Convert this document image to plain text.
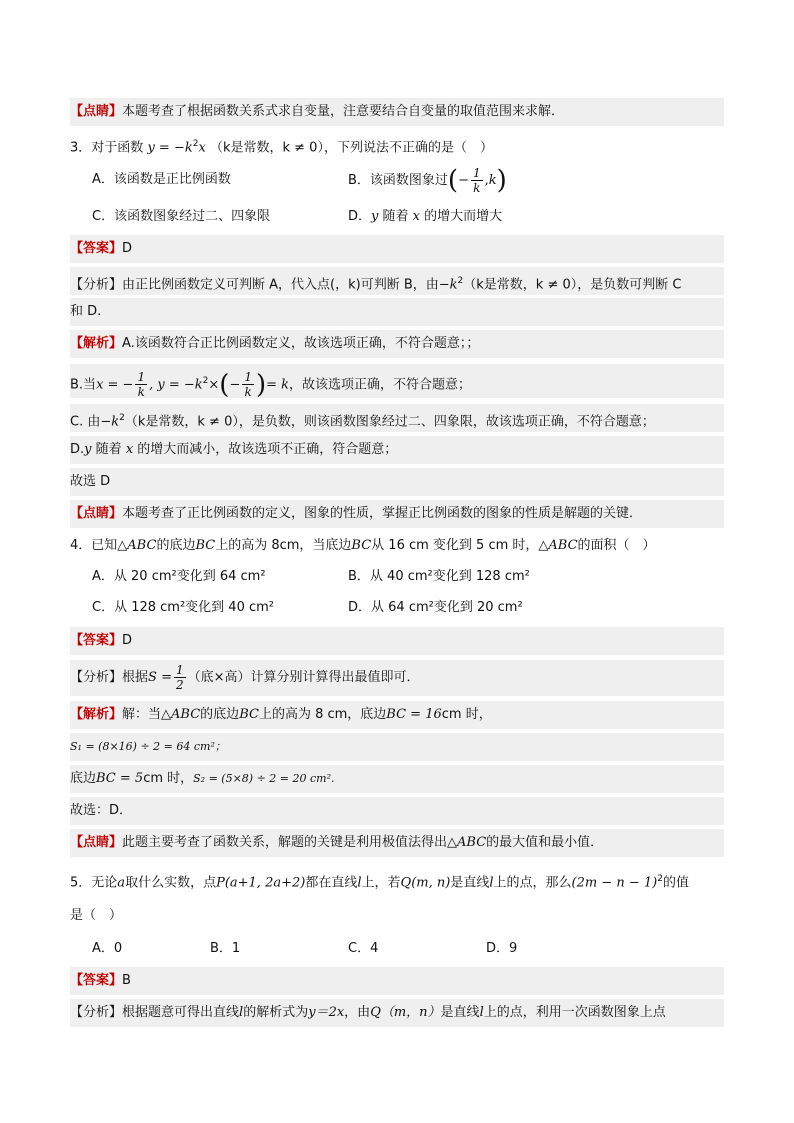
【点睛】本题考查了根据函数关系式求自变量，注意要结合自变量的取值范围来求解．
3．对于函数 $y = -k^2x$ （k是常数，k ≠ 0），下列说法不正确的是（　）
A．该函数是正比例函数	B．该函数图象过(− $\frac{1}{k} ,k$)
C．该函数图象经过二、四象限	D．y 随着 x 的增大而增大
【答案】D
【分析】由正比例函数定义可判断 A，代入点(，k)可判断 B，由$-k^2(k$是常数，k ≠ 0），是负数可判断 C
和 D.
【解析】A.该函数符合正比例函数定义，故该选项正确，不符合题意；；
B.当x = − $\frac{1}{k}$ , $y = -k^2\times(- \frac{1}{k}$ )= k，故该选项正确，不符合题意；
C. 由$-k^2(k$是常数，k ≠ 0），是负数，则该函数图象经过二、四象限，故该选项正确，不符合题意；
D.y 随着 x 的增大而减小，故该选项不正确，符合题意；
故选 D
【点睛】本题考查了正比例函数的定义，图象的性质，掌握正比例函数的图象的性质是解题的关键．
4．已知△ABC的底边BC上的高为 8cm，当底边BC从 16 cm 变化到 5 cm 时，△ABC的面积（　）
A．从 20 cm²变化到 64 cm²	B．从 40 cm²变化到 128 cm²
C．从 128 cm²变化到 40 cm²	D．从 64 cm²变化到 20 cm²
【答案】D
【分析】根据$S = \frac{1}{2}$ （底×高）计算分别计算得出最值即可．
【解析】解：当△ABC的底边BC上的高为 8 cm，底边BC = 16cm 时，
S₁ = (8×16) ÷ 2 = 64 cm²；
底边BC = 5cm 时，S₂ = (5×8) ÷ 2 = 20 cm².
故选：D．
【点睛】此题主要考查了函数关系，解题的关键是利用极值法得出△ABC的最大值和最小值．
5．无论a取什么实数，点P(a+1, 2a+2)都在直线l上，若Q(m, n)是直线l上的点，那么$(2m - n - 1)^2$的值
是（　）
A．0	B．1	C．4	D．9
【答案】B
【分析】根据题意可得出直线l的解析式为y＝2x，由Q（m，n）是直线l上的点，利用一次函数图象上点
